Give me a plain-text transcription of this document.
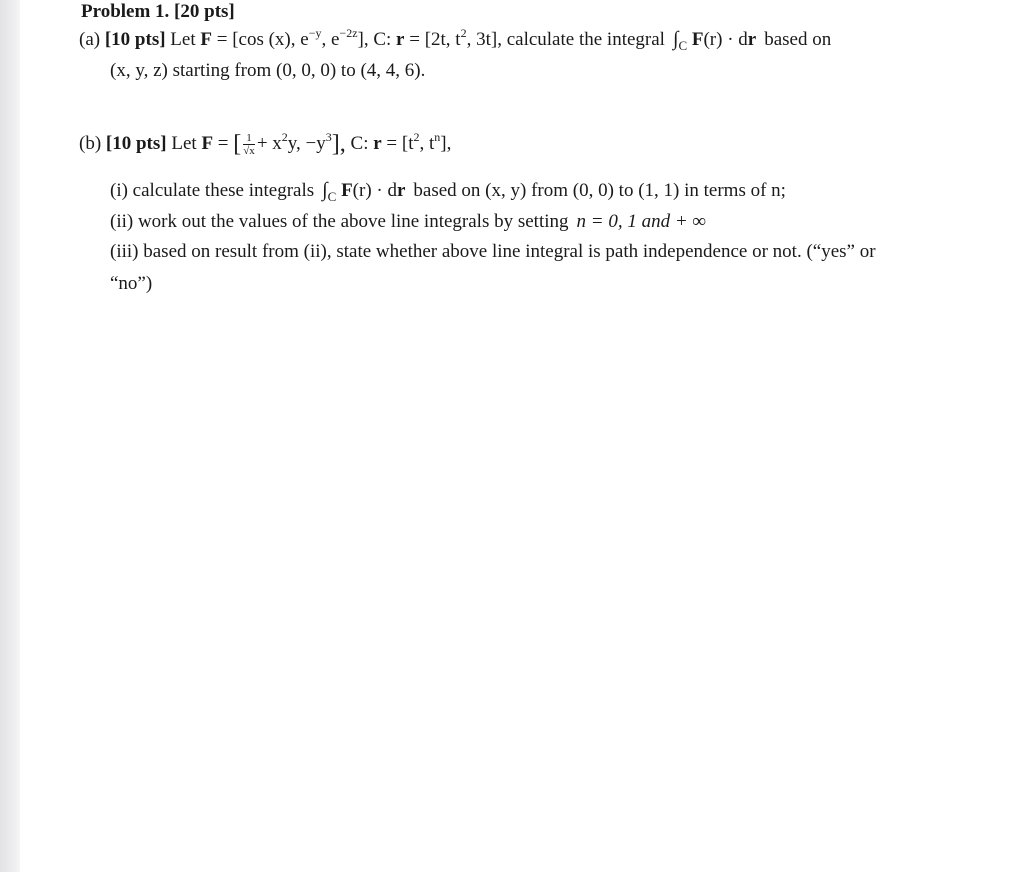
Problem 1. [20 pts]
(a) [10 pts] Let F = [cos (x), $e^{-y}$, $e^{-2z}$], C: r = [2t, $t^2$, 3t], calculate the integral $\int_C$ F(r) · dr based on
(x, y, z) starting from (0, 0, 0) to (4, 4, 6).
(b) [10 pts] Let F = [ $\frac{1}{√x} + x^2y$, $-y^3$], C: $r = [t^2$, $t^n$],
(i) calculate these integrals $\int_C$ F(r) · dr based on (x, y) from (0, 0) to (1, 1) in terms of n;
(ii) work out the values of the above line integrals by setting n = 0, 1 and + ∞
(iii) based on result from (ii), state whether above line integral is path independence or not. (“yes” or
“no”)
